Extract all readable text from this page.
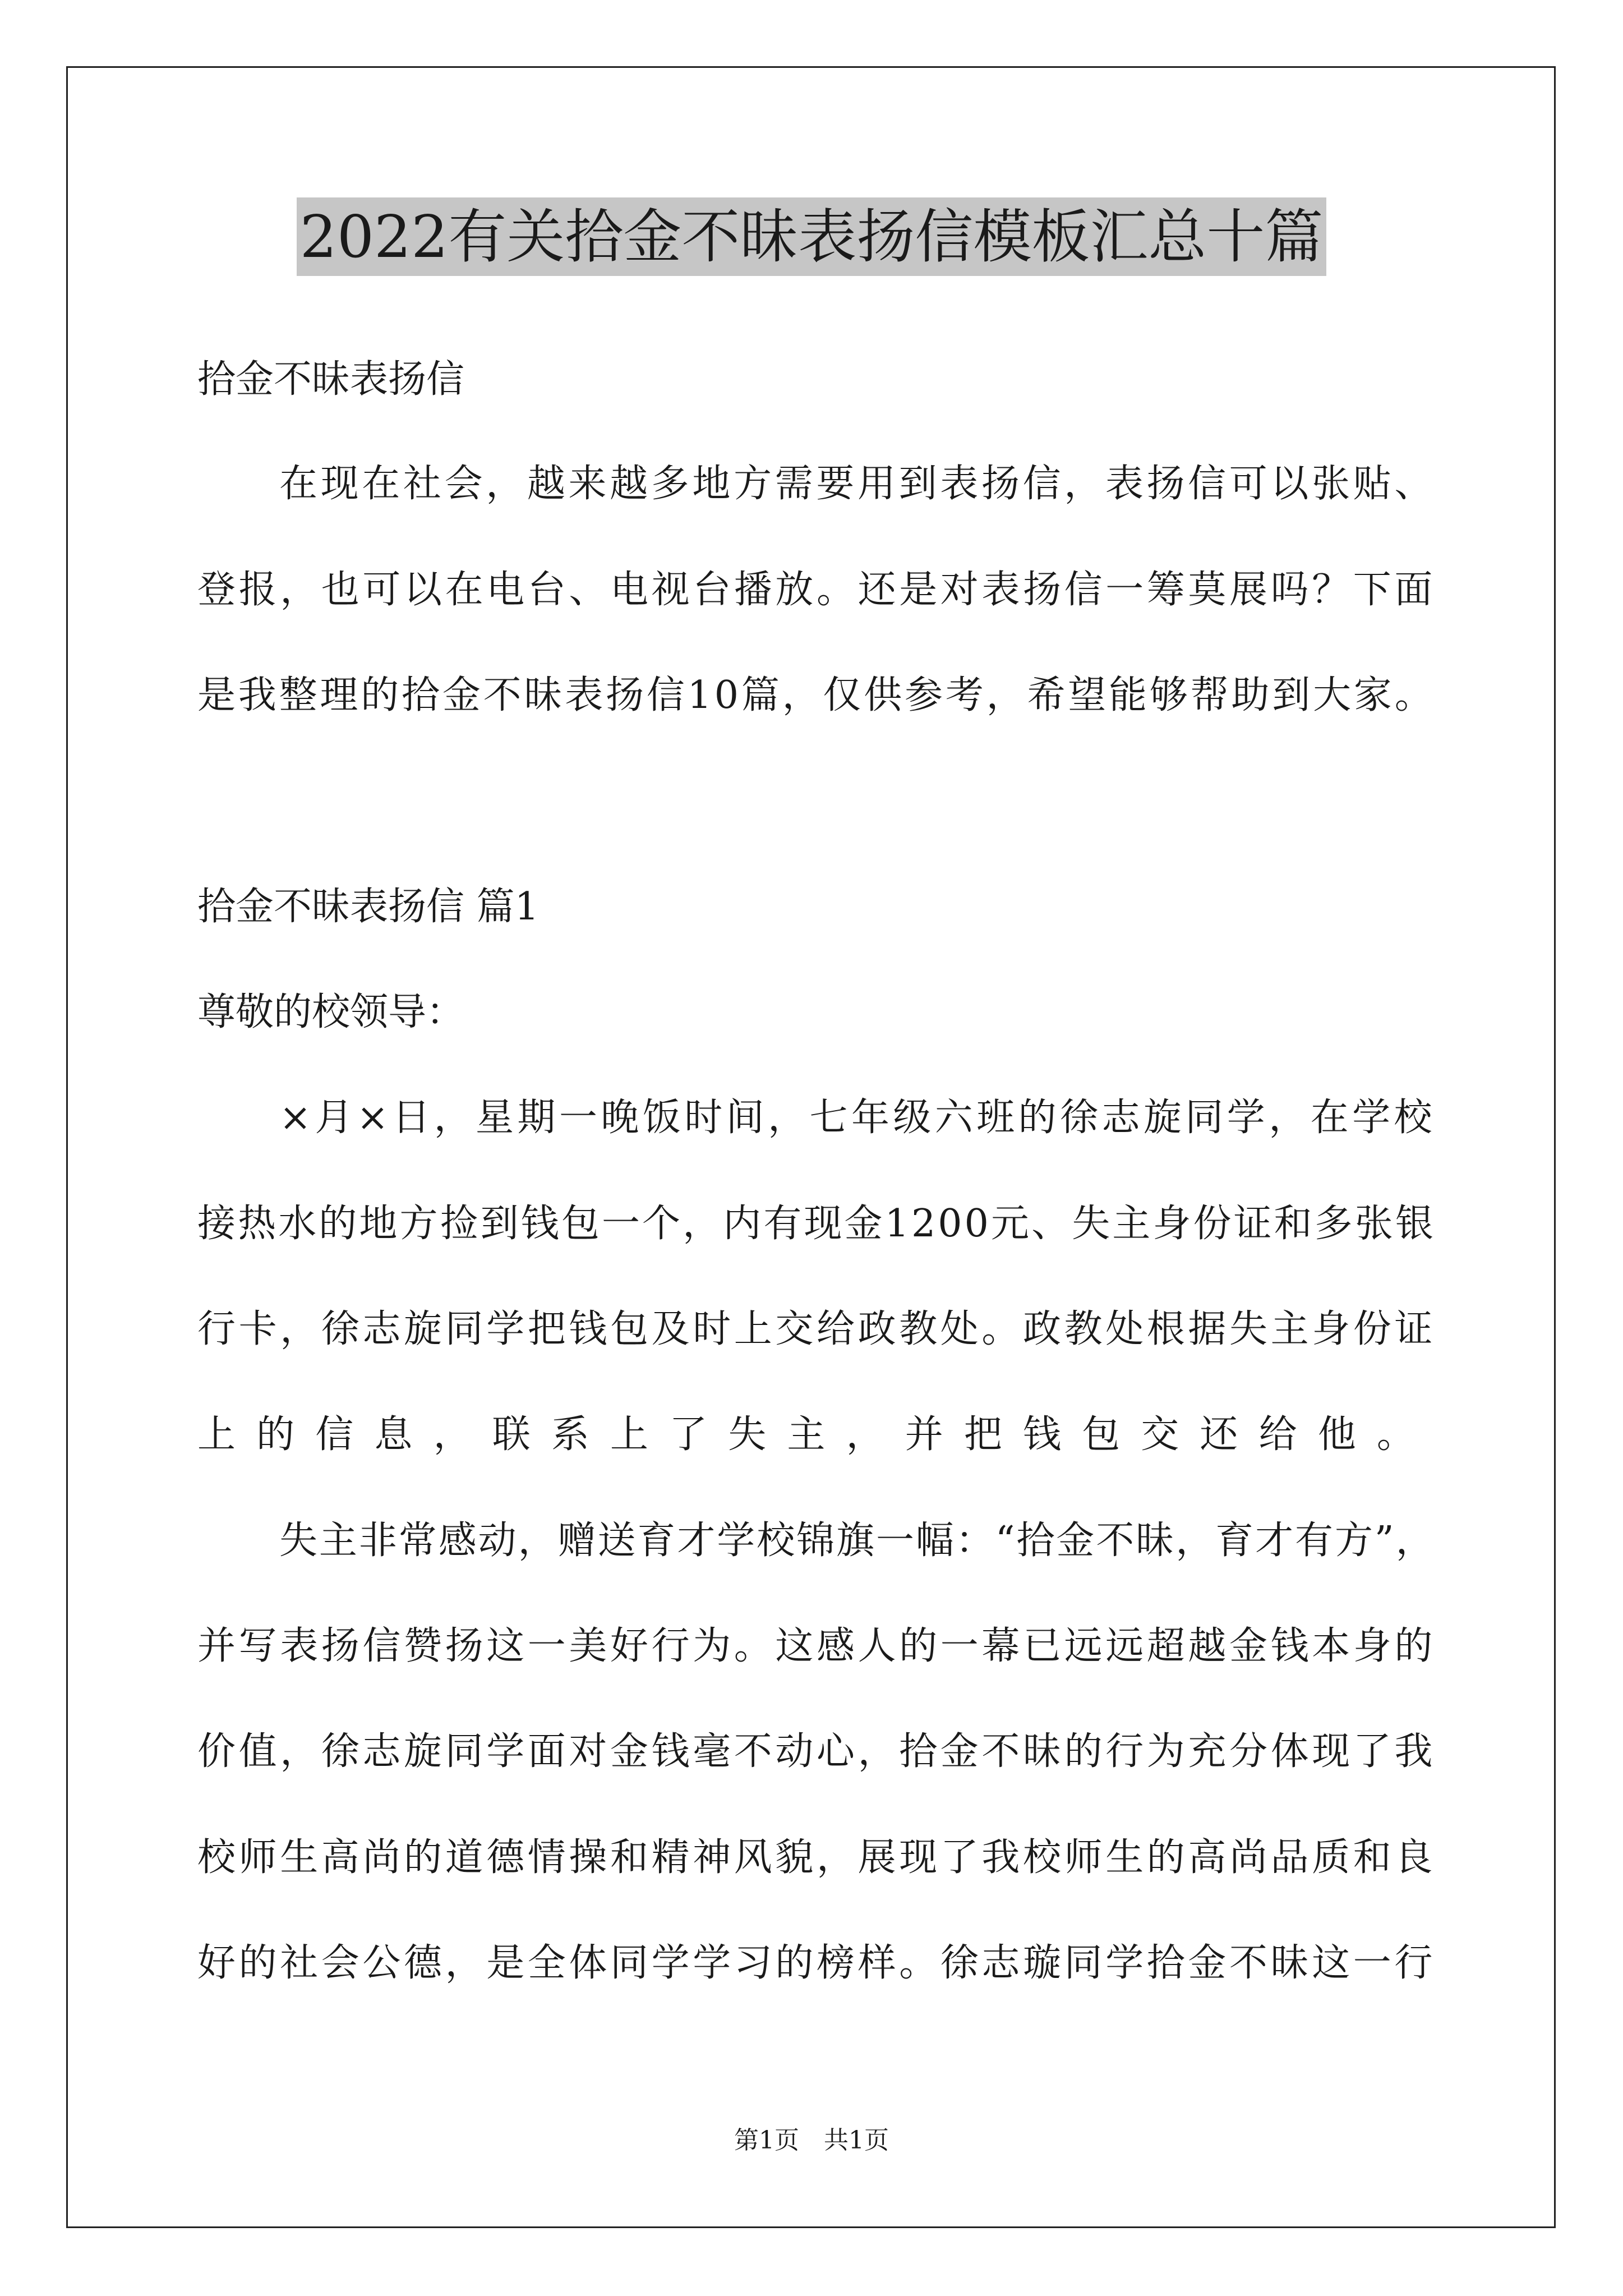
2022有关拾金不昧表扬信模板汇总十篇
拾金不昧表扬信
在现在社会，越来越多地方需要用到表扬信，表扬信可以张贴、
登报，也可以在电台、电视台播放。还是对表扬信一筹莫展吗？下面
是我整理的拾金不昧表扬信10篇，仅供参考，希望能够帮助到大家。
拾金不昧表扬信 篇1
尊敬的校领导：
×月×日，星期一晚饭时间，七年级六班的徐志旋同学，在学校
接热水的地方捡到钱包一个，内有现金1200元、失主身份证和多张银
行卡，徐志旋同学把钱包及时上交给政教处。政教处根据失主身份证
上的信息，联系上了失主，并把钱包交还给他。
失主非常感动，赠送育才学校锦旗一幅：“拾金不昧，育才有方”，
并写表扬信赞扬这一美好行为。这感人的一幕已远远超越金钱本身的
价值，徐志旋同学面对金钱毫不动心，拾金不昧的行为充分体现了我
校师生高尚的道德情操和精神风貌，展现了我校师生的高尚品质和良
好的社会公德，是全体同学学习的榜样。徐志璇同学拾金不昧这一行
第1页　共1页
